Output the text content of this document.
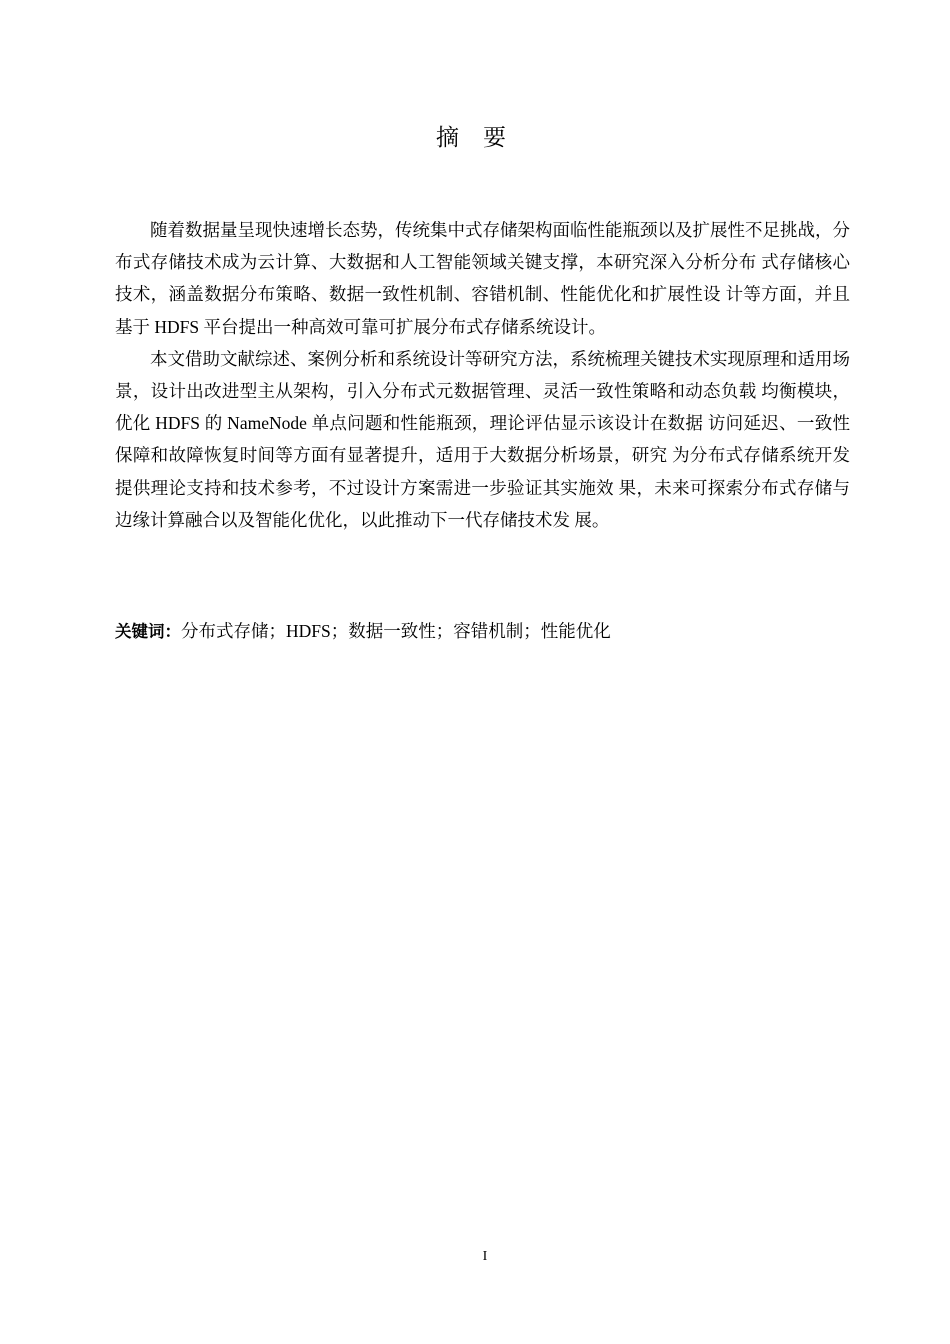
摘要

随着数据量呈现快速增长态势，传统集中式存储架构面临性能瓶颈以及扩展性不足挑战，分布式存储技术成为云计算、大数据和人工智能领域关键支撑，本研究深入分析分布 式存储核心技术，涵盖数据分布策略、数据一致性机制、容错机制、性能优化和扩展性设 计等方面，并且基于 HDFS 平台提出一种高效可靠可扩展分布式存储系统设计。

本文借助文献综述、案例分析和系统设计等研究方法，系统梳理关键技术实现原理和适用场景，设计出改进型主从架构，引入分布式元数据管理、灵活一致性策略和动态负载 均衡模块，优化 HDFS 的 NameNode 单点问题和性能瓶颈，理论评估显示该设计在数据 访问延迟、一致性保障和故障恢复时间等方面有显著提升，适用于大数据分析场景，研究 为分布式存储系统开发提供理论支持和技术参考，不过设计方案需进一步验证其实施效 果，未来可探索分布式存储与边缘计算融合以及智能化优化，以此推动下一代存储技术发 展。

关键词：分布式存储；HDFS；数据一致性；容错机制；性能优化

I
